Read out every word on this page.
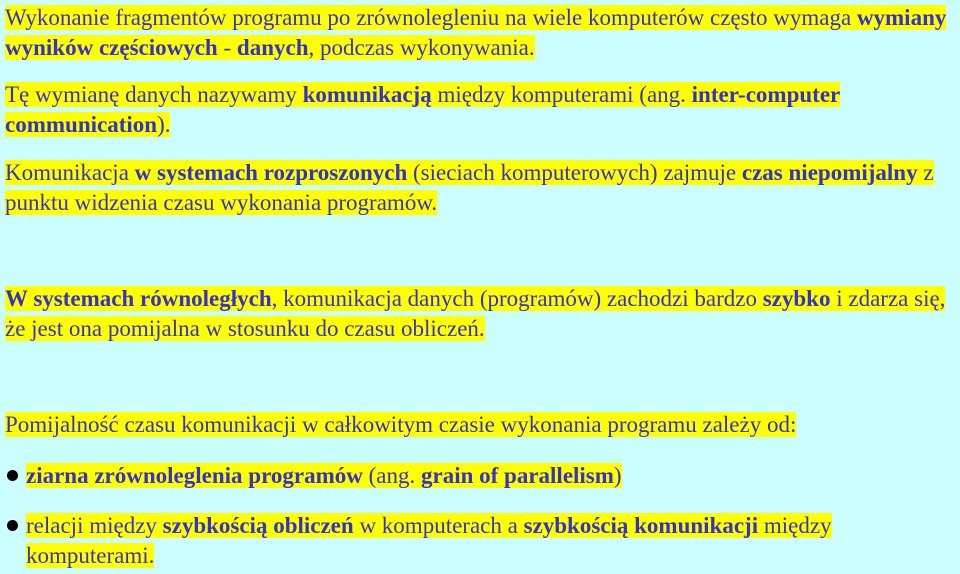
Wykonanie fragmentów programu po zrównolegleniu na wiele komputerów często wymaga wymiany wyników częściowych - danych, podczas wykonywania.
Tę wymianę danych nazywamy komunikacją między komputerami (ang. inter-computer communication).
Komunikacja w systemach rozproszonych (sieciach komputerowych) zajmuje czas niepomijalny z punktu widzenia czasu wykonania programów.
W systemach równoległych, komunikacja danych (programów) zachodzi bardzo szybko i zdarza się, że jest ona pomijalna w stosunku do czasu obliczeń.
Pomijalność czasu komunikacji w całkowitym czasie wykonania programu zależy od:
ziarna zrównoleglenia programów (ang. grain of parallelism)
relacji między szybkością obliczeń w komputerach a szybkością komunikacji między komputerami.
